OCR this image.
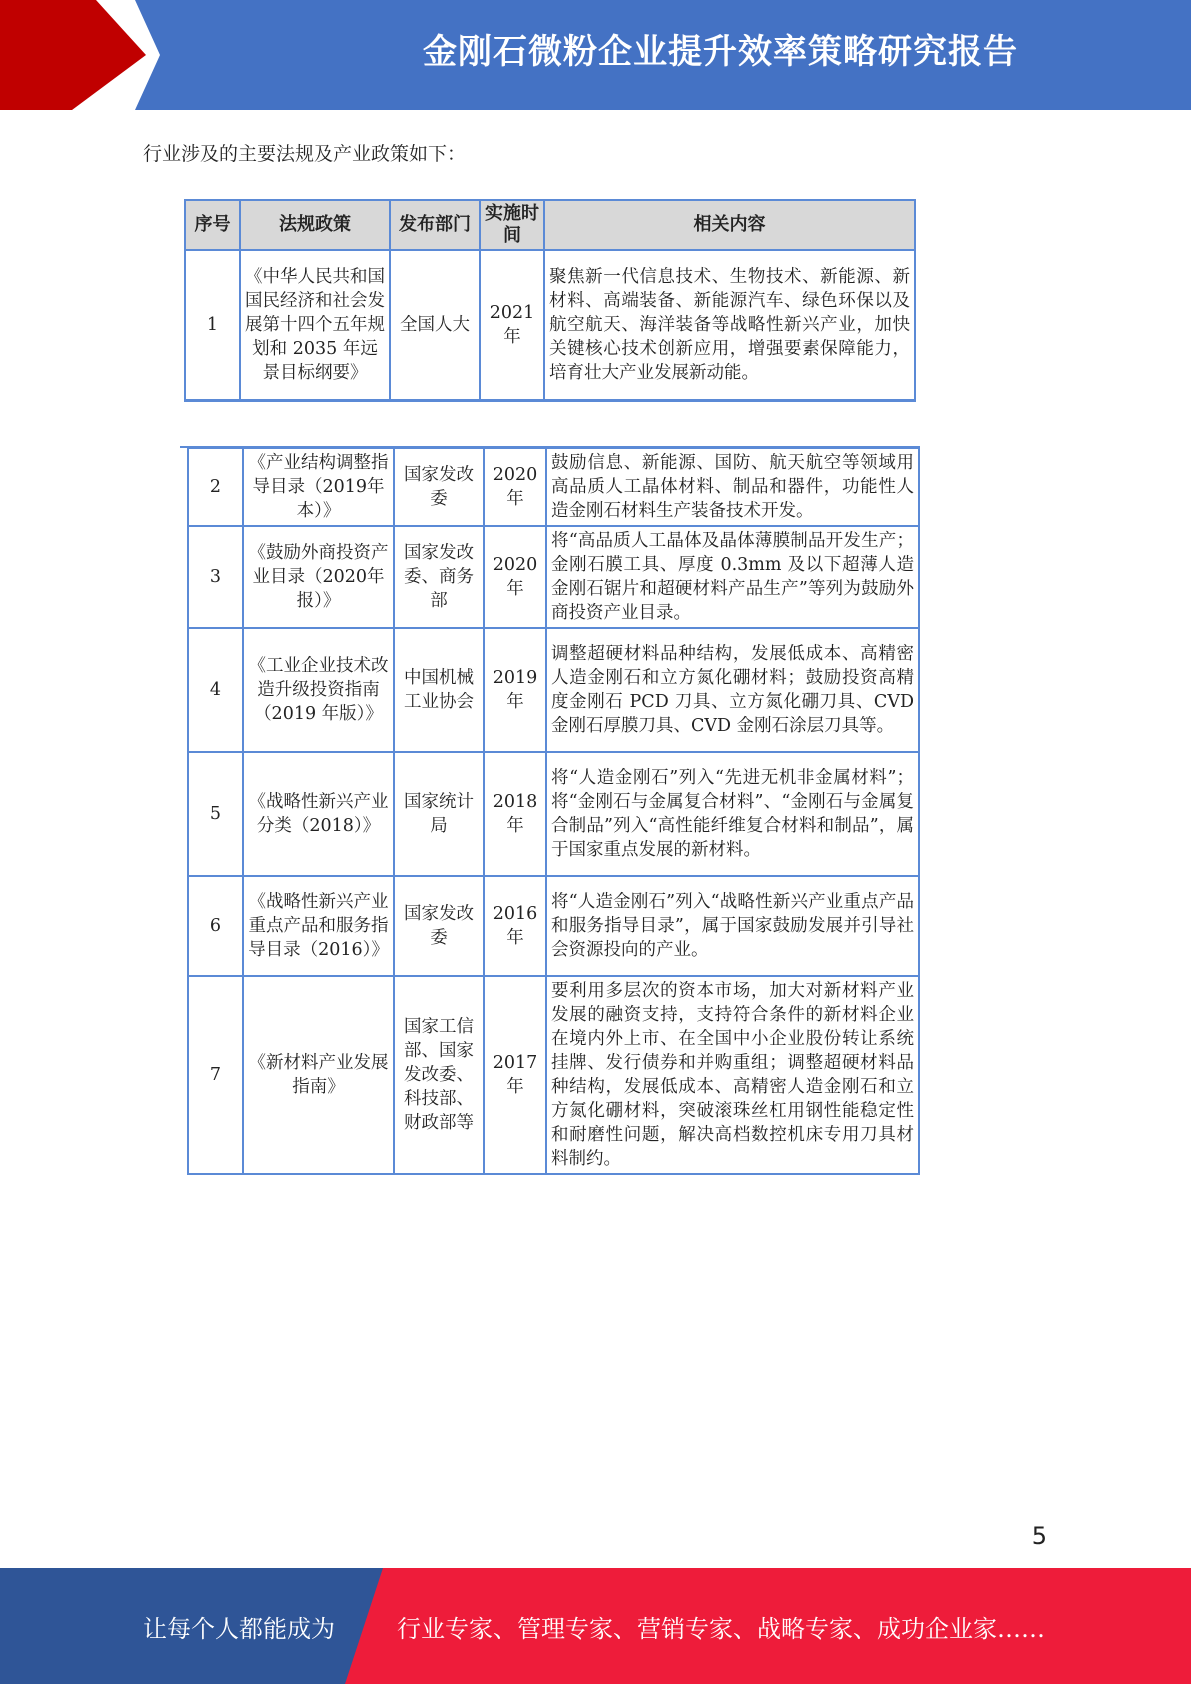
金刚石微粉企业提升效率策略研究报告
行业涉及的主要法规及产业政策如下：
序号	法规政策	发布部门	实施时间	相关内容
1	《中华人民共和国国民经济和社会发展第十四个五年规划和 2035 年远景目标纲要》	全国人大	2021年	聚焦新一代信息技术、生物技术、新能源、新材料、高端装备、新能源汽车、绿色环保以及航空航天、海洋装备等战略性新兴产业，加快关键核心技术创新应用，增强要素保障能力，培育壮大产业发展新动能。
2	《产业结构调整指导目录（2019年本）》	国家发改委	2020年	鼓励信息、新能源、国防、航天航空等领域用高品质人工晶体材料、制品和器件，功能性人造金刚石材料生产装备技术开发。
3	《鼓励外商投资产业目录（2020年报）》	国家发改委、商务部	2020年	将“高品质人工晶体及晶体薄膜制品开发生产；金刚石膜工具、厚度 0.3mm 及以下超薄人造金刚石锯片和超硬材料产品生产”等列为鼓励外商投资产业目录。
4	《工业企业技术改造升级投资指南（2019 年版）》	中国机械工业协会	2019年	调整超硬材料品种结构，发展低成本、高精密人造金刚石和立方氮化硼材料；鼓励投资高精度金刚石 PCD 刀具、立方氮化硼刀具、CVD 金刚石厚膜刀具、CVD 金刚石涂层刀具等。
5	《战略性新兴产业分类（2018）》	国家统计局	2018年	将“人造金刚石”列入“先进无机非金属材料”；将“金刚石与金属复合材料”、“金刚石与金属复合制品”列入“高性能纤维复合材料和制品”，属于国家重点发展的新材料。
6	《战略性新兴产业重点产品和服务指导目录（2016）》	国家发改委	2016年	将“人造金刚石”列入“战略性新兴产业重点产品和服务指导目录”，属于国家鼓励发展并引导社会资源投向的产业。
7	《新材料产业发展指南》	国家工信部、国家发改委、科技部、财政部等	2017年	要利用多层次的资本市场，加大对新材料产业发展的融资支持，支持符合条件的新材料企业在境内外上市、在全国中小企业股份转让系统挂牌、发行债券和并购重组；调整超硬材料品种结构，发展低成本、高精密人造金刚石和立方氮化硼材料，突破滚珠丝杠用钢性能稳定性和耐磨性问题，解决高档数控机床专用刀具材料制约。
5
让每个人都能成为	行业专家、管理专家、营销专家、战略专家、成功企业家……
